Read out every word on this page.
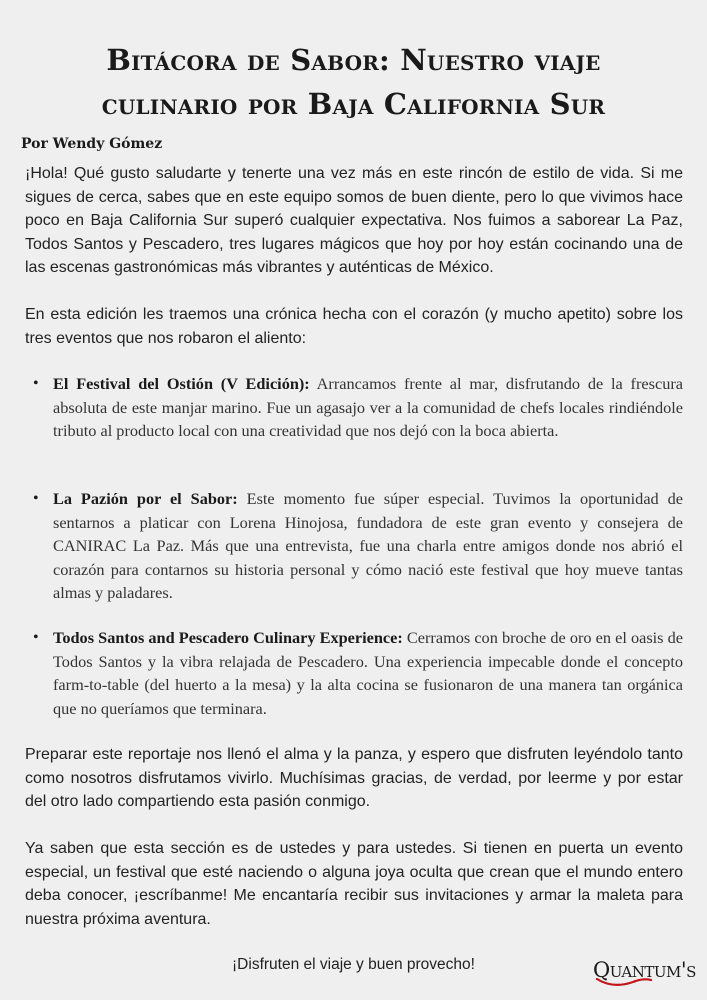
Bitácora de Sabor: Nuestro viaje
culinario por Baja California Sur
Por Wendy Gómez

¡Hola! Qué gusto saludarte y tenerte una vez más en este rincón de estilo de vida. Si me sigues de cerca, sabes que en este equipo somos de buen diente, pero lo que vivimos hace poco en Baja California Sur superó cualquier expectativa. Nos fuimos a saborear La Paz, Todos Santos y Pescadero, tres lugares mágicos que hoy por hoy están cocinando una de las escenas gastronómicas más vibrantes y auténticas de México.

En esta edición les traemos una crónica hecha con el corazón (y mucho apetito) sobre los tres eventos que nos robaron el aliento:

• El Festival del Ostión (V Edición): Arrancamos frente al mar, disfrutando de la frescura absoluta de este manjar marino. Fue un agasajo ver a la comunidad de chefs locales rindiéndole tributo al producto local con una creatividad que nos dejó con la boca abierta.
• La Pazión por el Sabor: Este momento fue súper especial. Tuvimos la oportunidad de sentarnos a platicar con Lorena Hinojosa, fundadora de este gran evento y consejera de CANIRAC La Paz. Más que una entrevista, fue una charla entre amigos donde nos abrió el corazón para contarnos su historia personal y cómo nació este festival que hoy mueve tantas almas y paladares.
• Todos Santos and Pescadero Culinary Experience: Cerramos con broche de oro en el oasis de Todos Santos y la vibra relajada de Pescadero. Una experiencia impecable donde el concepto farm-to-table (del huerto a la mesa) y la alta cocina se fusionaron de una manera tan orgánica que no queríamos que terminara.

Preparar este reportaje nos llenó el alma y la panza, y espero que disfruten leyéndolo tanto como nosotros disfrutamos vivirlo. Muchísimas gracias, de verdad, por leerme y por estar del otro lado compartiendo esta pasión conmigo.

Ya saben que esta sección es de ustedes y para ustedes. Si tienen en puerta un evento especial, un festival que esté naciendo o alguna joya oculta que crean que el mundo entero deba conocer, ¡escríbanme! Me encantaría recibir sus invitaciones y armar la maleta para nuestra próxima aventura.

¡Disfruten el viaje y buen provecho!	Quantum's
